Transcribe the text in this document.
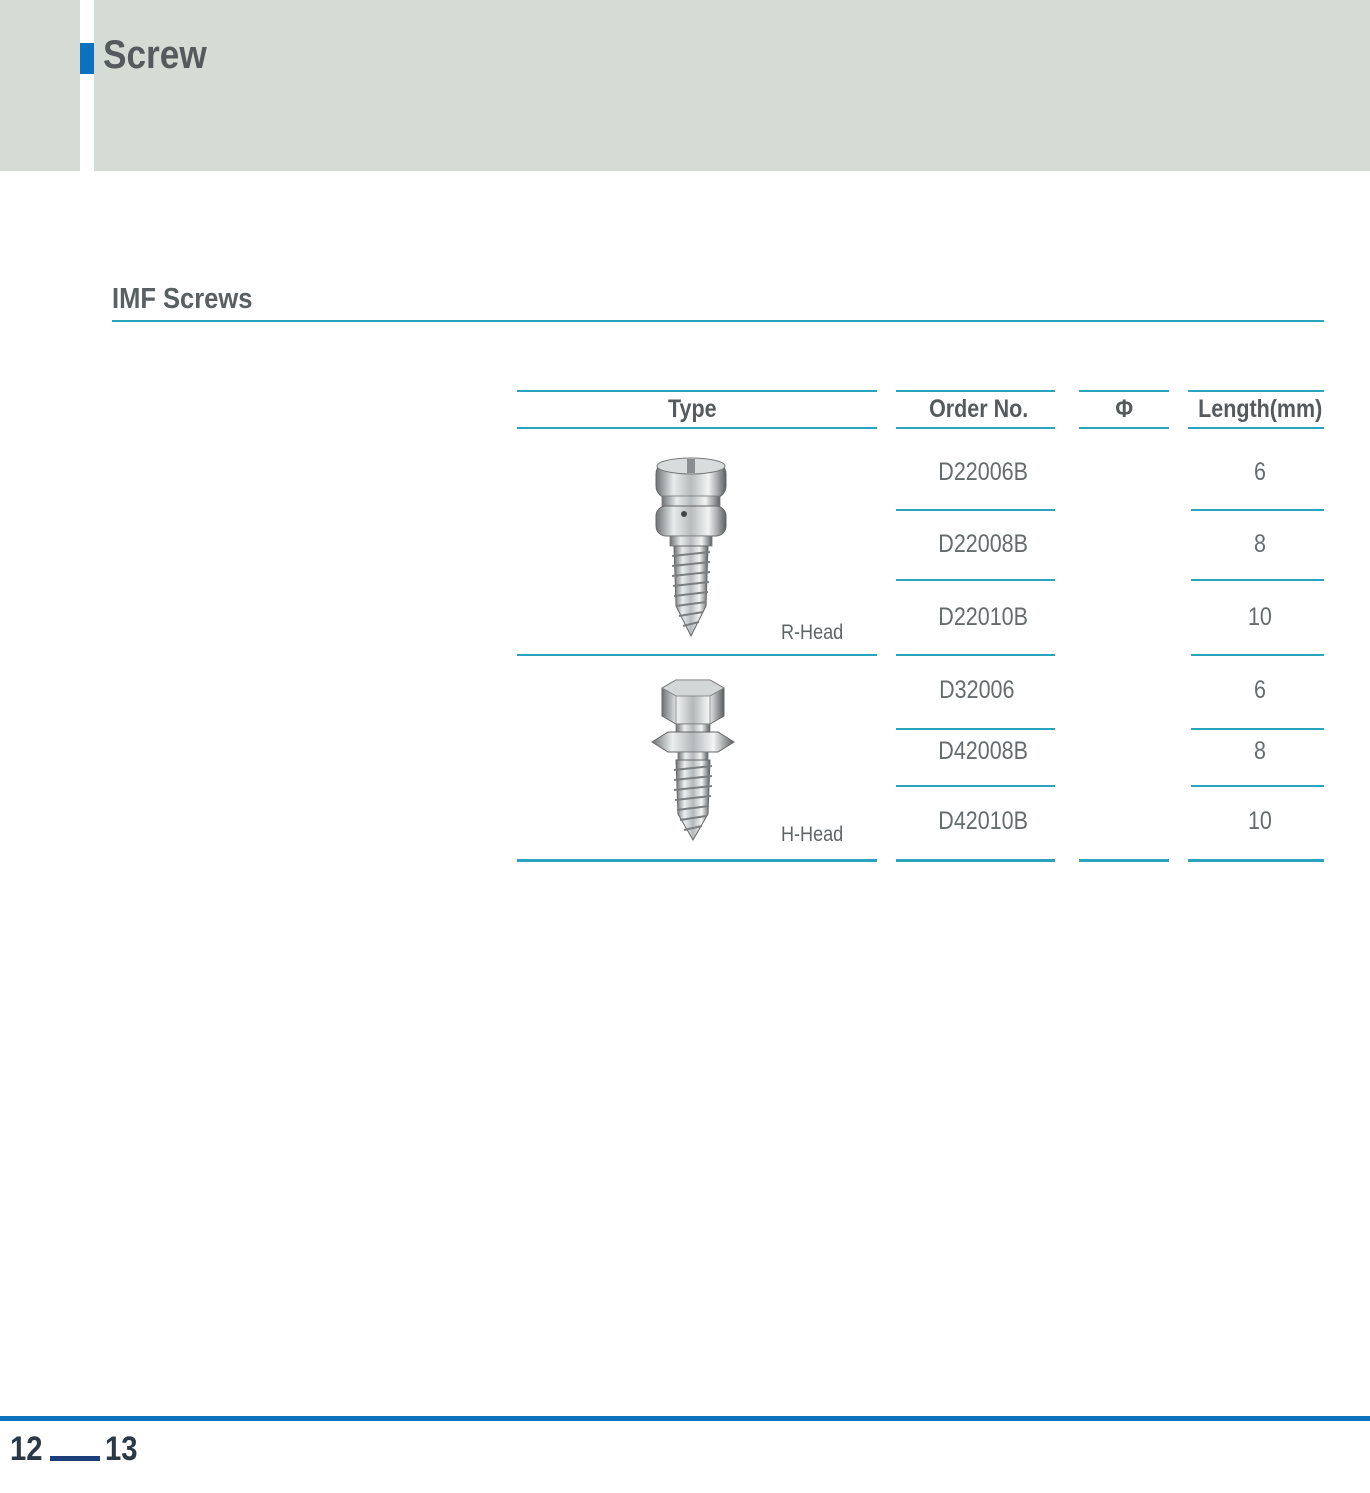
Screw
IMF Screws
Type	Order No.	Φ	Length(mm)
R-Head
D22006B	6
D22008B	8
D22010B	10
H-Head
D32006	6
D42008B	8
D42010B	10
12 13
